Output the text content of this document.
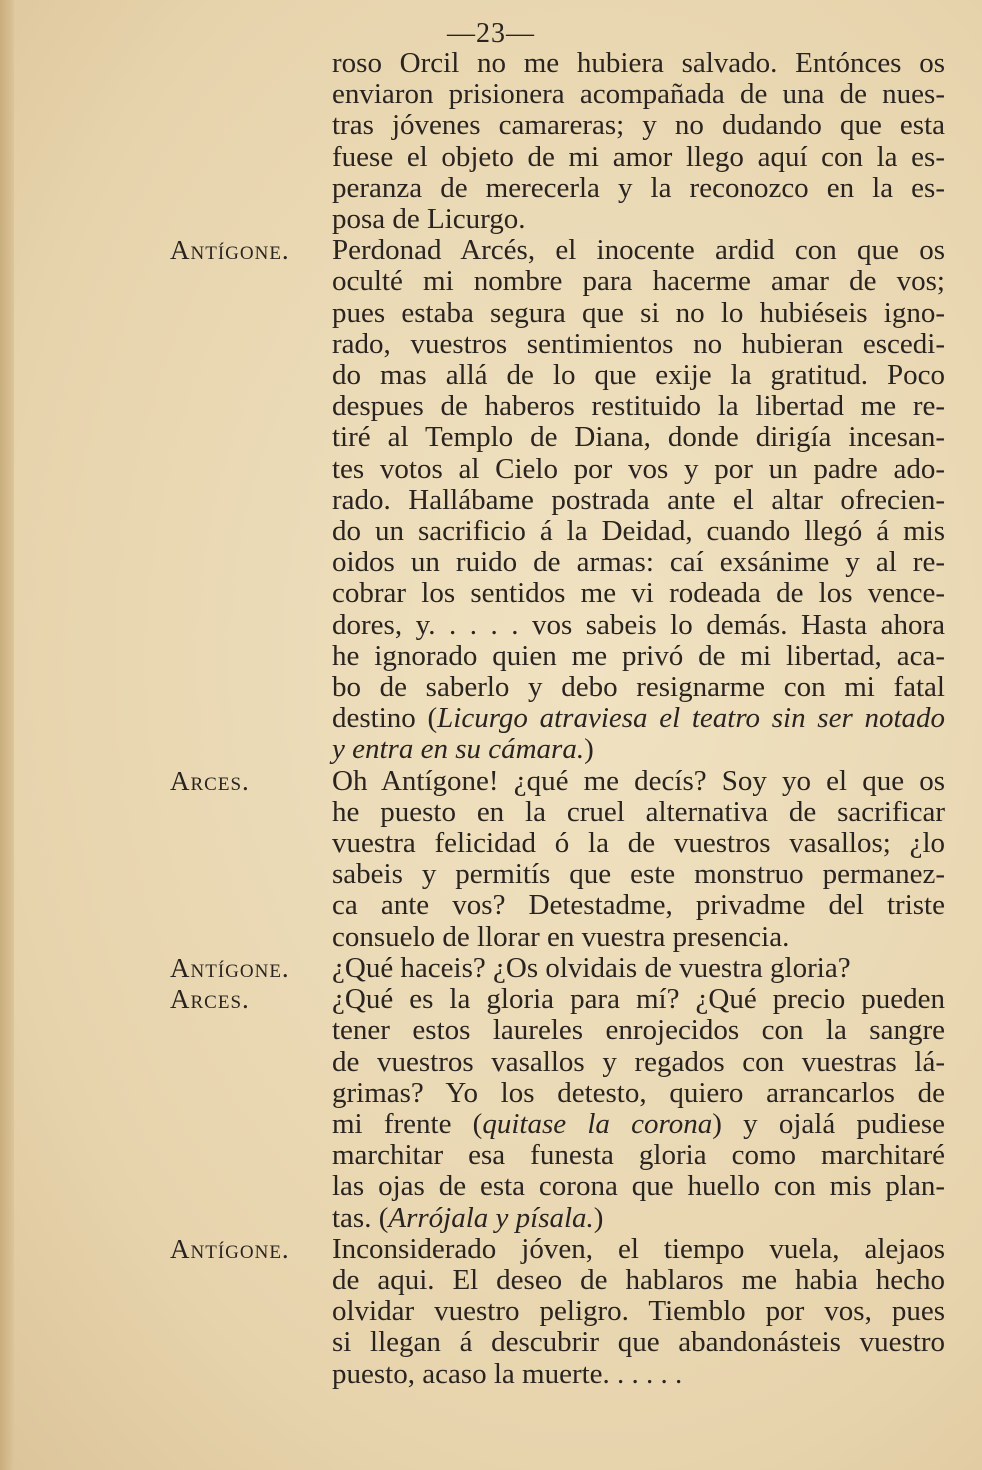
—23—
roso Orcil no me hubiera salvado. Entónces os
enviaron prisionera acompañada de una de nues-
tras jóvenes camareras; y no dudando que esta
fuese el objeto de mi amor llego aquí con la es-
peranza de merecerla y la reconozco en la es-
posa de Licurgo.
Antígone.	Perdonad Arcés, el inocente ardid con que os
oculté mi nombre para hacerme amar de vos;
pues estaba segura que si no lo hubiéseis igno-
rado, vuestros sentimientos no hubieran escedi-
do mas allá de lo que exije la gratitud. Poco
despues de haberos restituido la libertad me re-
tiré al Templo de Diana, donde dirigía incesan-
tes votos al Cielo por vos y por un padre ado-
rado. Hallábame postrada ante el altar ofrecien-
do un sacrificio á la Deidad, cuando llegó á mis
oidos un ruido de armas: caí exsánime y al re-
cobrar los sentidos me vi rodeada de los vence-
dores, y. . . . . vos sabeis lo demás. Hasta ahora
he ignorado quien me privó de mi libertad, aca-
bo de saberlo y debo resignarme con mi fatal
destino (Licurgo atraviesa el teatro sin ser notado
y entra en su cámara.)
Arces.	Oh Antígone! ¿qué me decís? Soy yo el que os
he puesto en la cruel alternativa de sacrificar
vuestra felicidad ó la de vuestros vasallos; ¿lo
sabeis y permitís que este monstruo permanez-
ca ante vos? Detestadme, privadme del triste
consuelo de llorar en vuestra presencia.
Antígone.	¿Qué haceis? ¿Os olvidais de vuestra gloria?
Arces.	¿Qué es la gloria para mí? ¿Qué precio pueden
tener estos laureles enrojecidos con la sangre
de vuestros vasallos y regados con vuestras lá-
grimas? Yo los detesto, quiero arrancarlos de
mi frente (quitase la corona) y ojalá pudiese
marchitar esa funesta gloria como marchitaré
las ojas de esta corona que huello con mis plan-
tas. (Arrójala y písala.)
Antígone.	Inconsiderado jóven, el tiempo vuela, alejaos
de aqui. El deseo de hablaros me habia hecho
olvidar vuestro peligro. Tiemblo por vos, pues
si llegan á descubrir que abandonásteis vuestro
puesto, acaso la muerte. . . . . .
